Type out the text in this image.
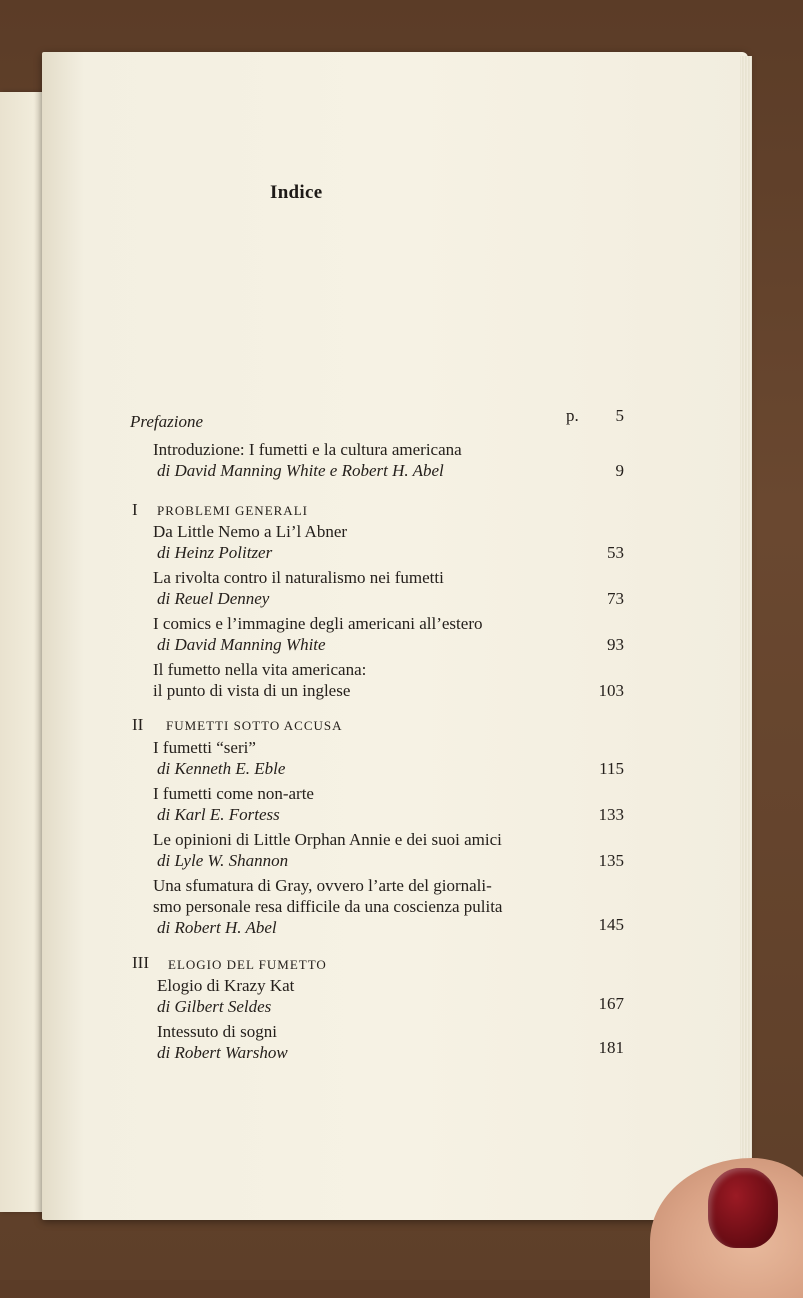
Indice
Prefazione	p.	5
Introduzione: I fumetti e la cultura americana
di David Manning White e Robert H. Abel	9
I PROBLEMI GENERALI
Da Little Nemo a Li’l Abner
di Heinz Politzer	53
La rivolta contro il naturalismo nei fumetti
di Reuel Denney	73
I comics e l’immagine degli americani all’estero
di David Manning White	93
Il fumetto nella vita americana:
il punto di vista di un inglese	103
II FUMETTI SOTTO ACCUSA
I fumetti “seri”
di Kenneth E. Eble	115
I fumetti come non-arte
di Karl E. Fortess	133
Le opinioni di Little Orphan Annie e dei suoi amici
di Lyle W. Shannon	135
Una sfumatura di Gray, ovvero l’arte del giornali-
smo personale resa difficile da una coscienza pulita
di Robert H. Abel	145
III ELOGIO DEL FUMETTO
Elogio di Krazy Kat
di Gilbert Seldes	167
Intessuto di sogni
di Robert Warshow	181
